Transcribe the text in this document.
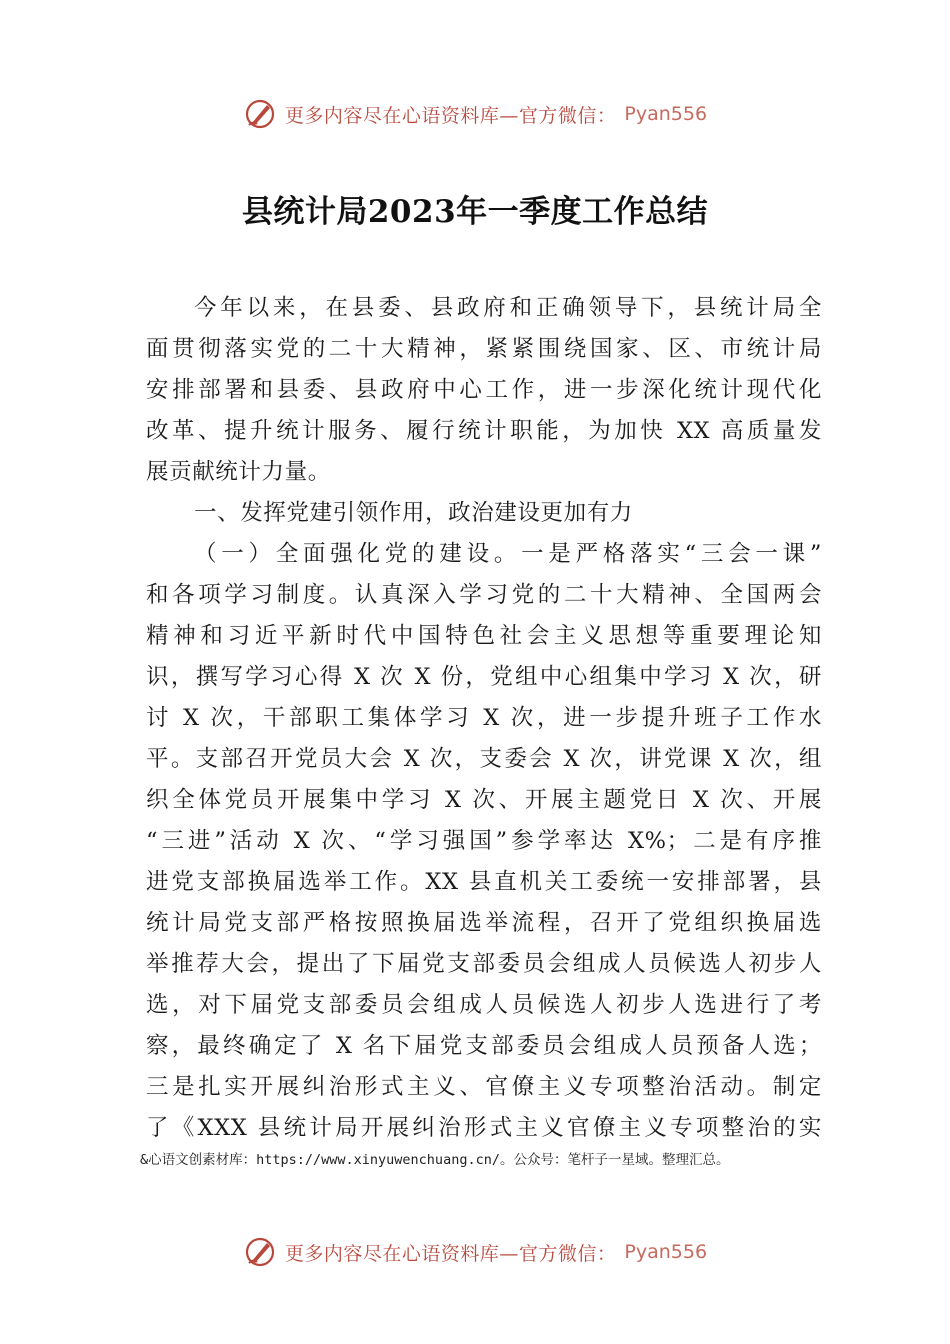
更多内容尽在心语资料库—官方微信： Pyan556
县统计局2023年一季度工作总结
今年以来，在县委、县政府和正确领导下，县统计局全
面贯彻落实党的二十大精神，紧紧围绕国家、区、市统计局
安排部署和县委、县政府中心工作，进一步深化统计现代化
改革、提升统计服务、履行统计职能，为加快 XX 高质量发
展贡献统计力量。
一、发挥党建引领作用，政治建设更加有力
（一）全面强化党的建设。一是严格落实“三会一课”
和各项学习制度。认真深入学习党的二十大精神、全国两会
精神和习近平新时代中国特色社会主义思想等重要理论知
识，撰写学习心得 X 次 X 份，党组中心组集中学习 X 次，研
讨 X 次，干部职工集体学习 X 次，进一步提升班子工作水
平。支部召开党员大会 X 次，支委会 X 次，讲党课 X 次，组
织全体党员开展集中学习 X 次、开展主题党日 X 次、开展
“三进”活动 X 次、“学习强国”参学率达 X%；二是有序推
进党支部换届选举工作。XX 县直机关工委统一安排部署，县
统计局党支部严格按照换届选举流程，召开了党组织换届选
举推荐大会，提出了下届党支部委员会组成人员候选人初步人
选，对下届党支部委员会组成人员候选人初步人选进行了考
察，最终确定了 X 名下届党支部委员会组成人员预备人选；
三是扎实开展纠治形式主义、官僚主义专项整治活动。制定
了《XXX 县统计局开展纠治形式主义官僚主义专项整治的实
&心语文创素材库：https://www.xinyuwenchuang.cn/。公众号：笔杆子一星域。整理汇总。
更多内容尽在心语资料库—官方微信： Pyan556
